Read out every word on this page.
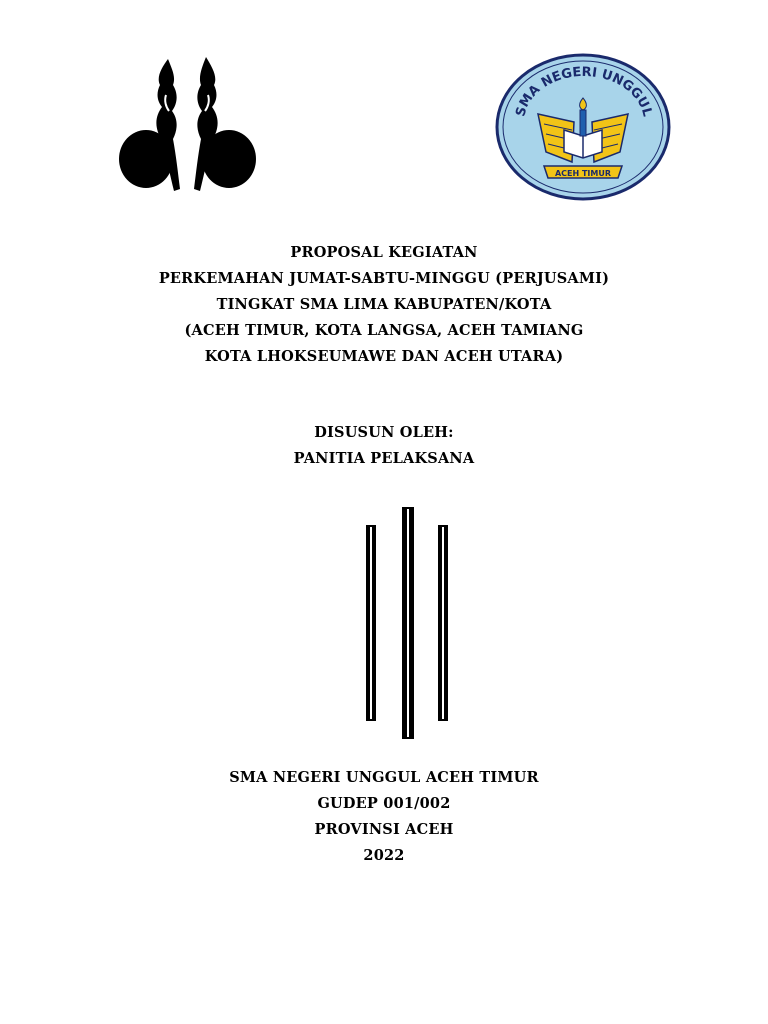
SMA NEGERI UNGGUL
ACEH TIMUR
PROPOSAL KEGIATAN
PERKEMAHAN JUMAT-SABTU-MINGGU (PERJUSAMI)
TINGKAT SMA LIMA KABUPATEN/KOTA
(ACEH TIMUR, KOTA LANGSA, ACEH TAMIANG
KOTA LHOKSEUMAWE DAN ACEH UTARA)
DISUSUN OLEH:
PANITIA PELAKSANA
SMA NEGERI UNGGUL ACEH TIMUR
GUDEP 001/002
PROVINSI ACEH
2022
